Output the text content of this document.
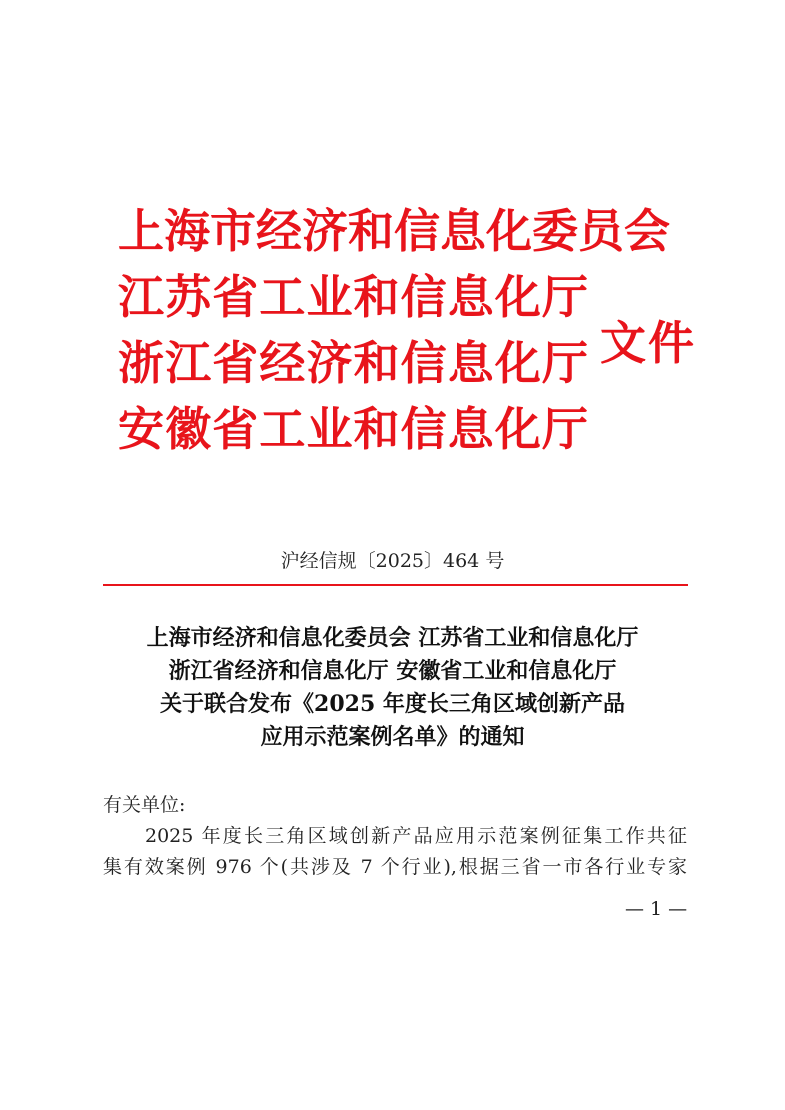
上海市经济和信息化委员会
江苏省工业和信息化厅
浙江省经济和信息化厅
安徽省工业和信息化厅
文件
沪经信规〔2025〕464 号
上海市经济和信息化委员会 江苏省工业和信息化厅
浙江省经济和信息化厅 安徽省工业和信息化厅
关于联合发布《2025 年度长三角区域创新产品
应用示范案例名单》的通知
有关单位:
2025 年度长三角区域创新产品应用示范案例征集工作共征
集有效案例 976 个(共涉及 7 个行业),根据三省一市各行业专家
— 1 —
